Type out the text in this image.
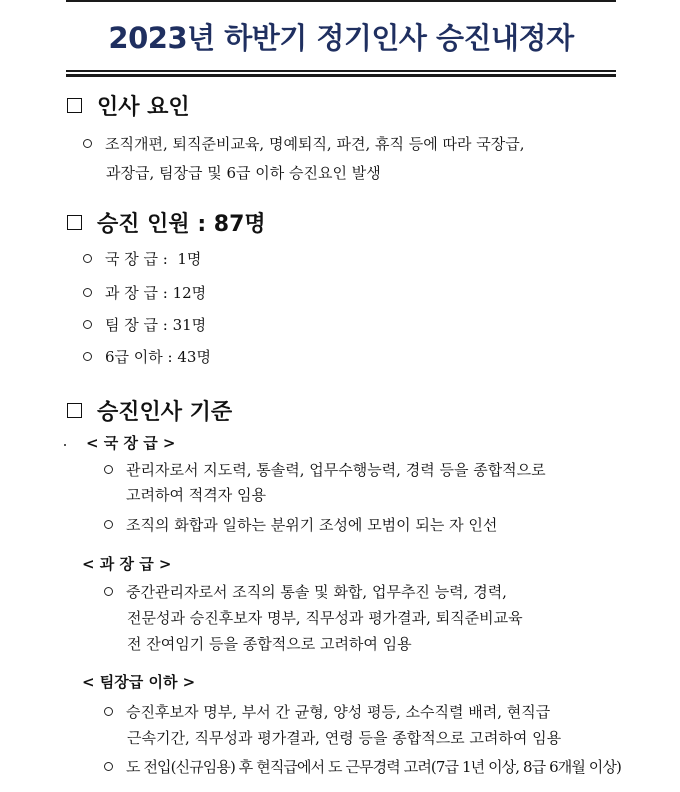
2023년 하반기 정기인사 승진내정자
인사 요인
조직개편, 퇴직준비교육, 명예퇴직, 파견, 휴직 등에 따라 국장급,
과장급, 팀장급 및 6급 이하 승진요인 발생
승진 인원 : 87명
국 장 급 :  1명
과 장 급 : 12명
팀 장 급 : 31명
6급 이하 : 43명
승진인사 기준
< 국 장 급 >
관리자로서 지도력, 통솔력, 업무수행능력, 경력 등을 종합적으로
고려하여 적격자 임용
조직의 화합과 일하는 분위기 조성에 모범이 되는 자 인선
< 과 장 급 >
중간관리자로서 조직의 통솔 및 화합, 업무추진 능력, 경력,
전문성과 승진후보자 명부, 직무성과 평가결과, 퇴직준비교육
전 잔여임기 등을 종합적으로 고려하여 임용
< 팀장급 이하 >
승진후보자 명부, 부서 간 균형, 양성 평등, 소수직렬 배려, 현직급
근속기간, 직무성과 평가결과, 연령 등을 종합적으로 고려하여 임용
도 전입(신규임용) 후 현직급에서 도 근무경력 고려(7급 1년 이상, 8급 6개월 이상)
